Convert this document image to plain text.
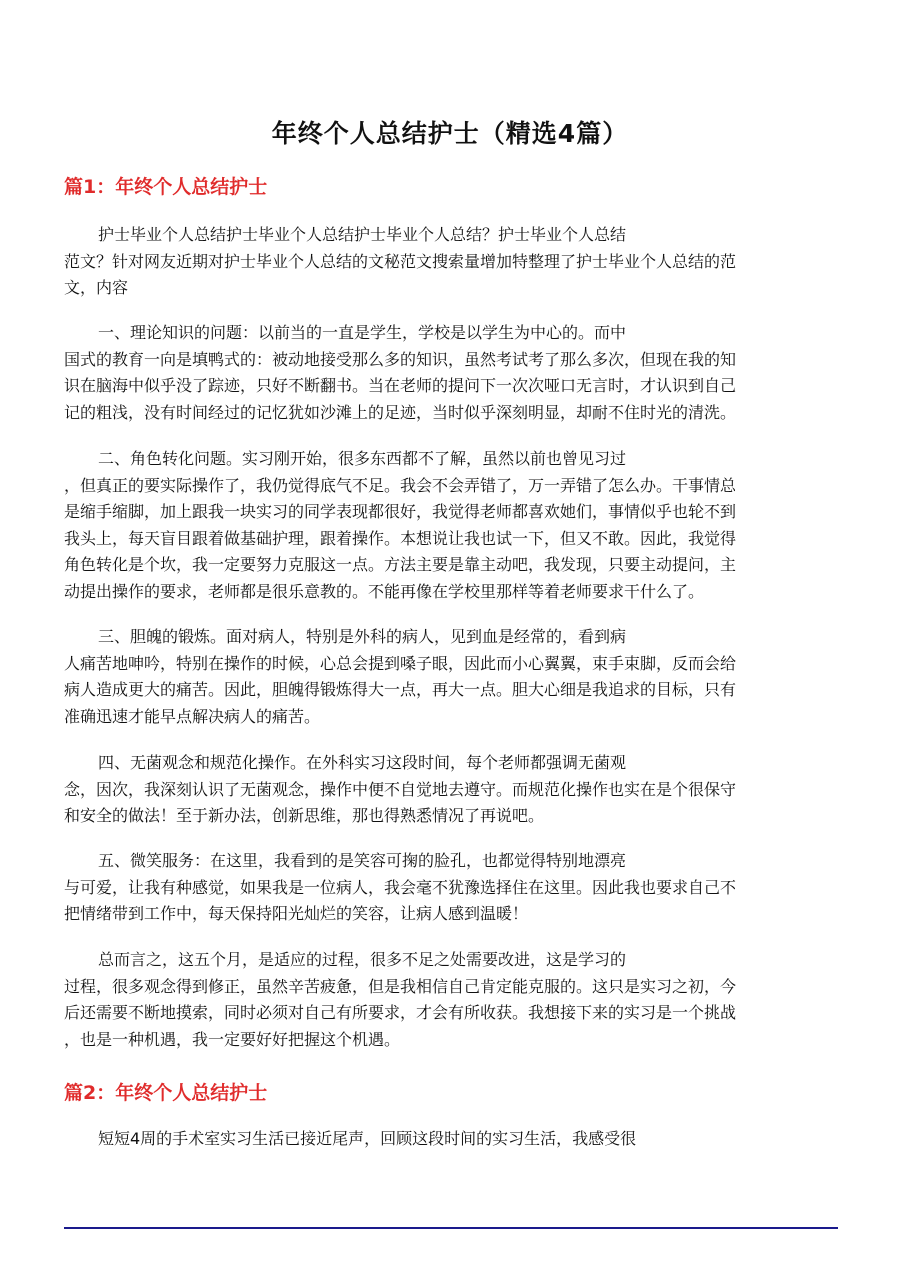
年终个人总结护士（精选4篇）
篇1：年终个人总结护士
护士毕业个人总结护士毕业个人总结护士毕业个人总结？护士毕业个人总结
范文？针对网友近期对护士毕业个人总结的文秘范文搜索量增加特整理了护士毕业个人总结的范
文，内容
一、理论知识的问题：以前当的一直是学生，学校是以学生为中心的。而中
国式的教育一向是填鸭式的：被动地接受那么多的知识，虽然考试考了那么多次，但现在我的知
识在脑海中似乎没了踪迹，只好不断翻书。当在老师的提问下一次次哑口无言时，才认识到自己
记的粗浅，没有时间经过的记忆犹如沙滩上的足迹，当时似乎深刻明显，却耐不住时光的清洗。
二、角色转化问题。实习刚开始，很多东西都不了解，虽然以前也曾见习过
，但真正的要实际操作了，我仍觉得底气不足。我会不会弄错了，万一弄错了怎么办。干事情总
是缩手缩脚，加上跟我一块实习的同学表现都很好，我觉得老师都喜欢她们，事情似乎也轮不到
我头上，每天盲目跟着做基础护理，跟着操作。本想说让我也试一下，但又不敢。因此，我觉得
角色转化是个坎，我一定要努力克服这一点。方法主要是靠主动吧，我发现，只要主动提问，主
动提出操作的要求，老师都是很乐意教的。不能再像在学校里那样等着老师要求干什么了。
三、胆魄的锻炼。面对病人，特别是外科的病人，见到血是经常的，看到病
人痛苦地呻吟，特别在操作的时候，心总会提到嗓子眼，因此而小心翼翼，束手束脚，反而会给
病人造成更大的痛苦。因此，胆魄得锻炼得大一点，再大一点。胆大心细是我追求的目标，只有
准确迅速才能早点解决病人的痛苦。
四、无菌观念和规范化操作。在外科实习这段时间，每个老师都强调无菌观
念，因次，我深刻认识了无菌观念，操作中便不自觉地去遵守。而规范化操作也实在是个很保守
和安全的做法！至于新办法，创新思维，那也得熟悉情况了再说吧。
五、微笑服务：在这里，我看到的是笑容可掬的脸孔，也都觉得特别地漂亮
与可爱，让我有种感觉，如果我是一位病人，我会毫不犹豫选择住在这里。因此我也要求自己不
把情绪带到工作中，每天保持阳光灿烂的笑容，让病人感到温暖！
总而言之，这五个月，是适应的过程，很多不足之处需要改进，这是学习的
过程，很多观念得到修正，虽然辛苦疲惫，但是我相信自己肯定能克服的。这只是实习之初，今
后还需要不断地摸索，同时必须对自己有所要求，才会有所收获。我想接下来的实习是一个挑战
，也是一种机遇，我一定要好好把握这个机遇。
篇2：年终个人总结护士
短短4周的手术室实习生活已接近尾声，回顾这段时间的实习生活，我感受很
